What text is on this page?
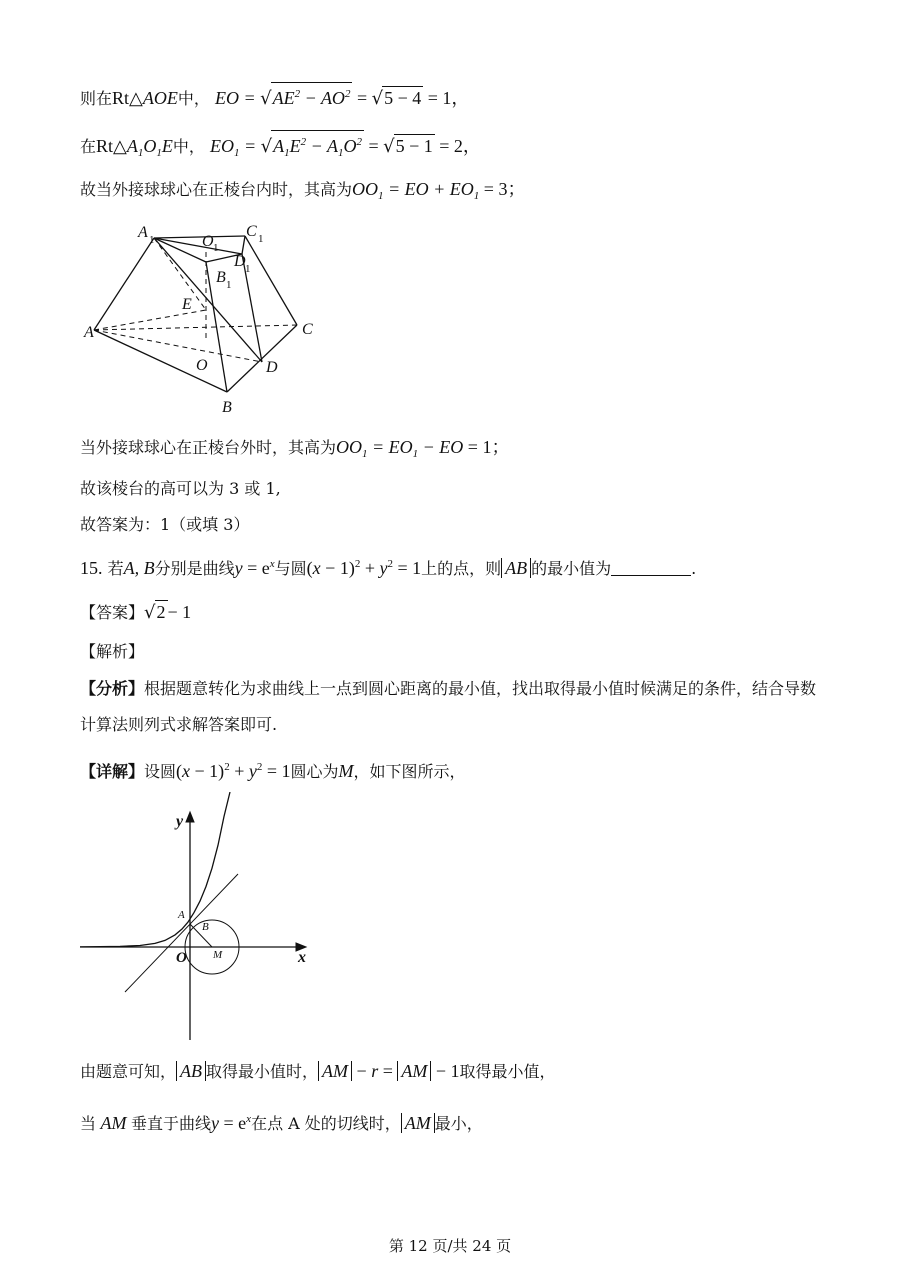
则在Rt△AOE中， EO = $√AE^2 - AO^2 = √5 - 4 = 1$，
在$Rt\triangle A_1O_1E$中， $EO_1 = √A_1E^2 - A_1O^2 = √5 - 1 = 2$，
故当外接球球心在正棱台内时，其高为$OO_1$ = EO + $EO_1 = 3$；
A 1	O 1
C 1
D 1
B 1
E
A	C
O	D
B
当外接球球心在正棱台外时，其高为$OO_1 = EO_1$ − EO = 1；
故该棱台的高可以为 3 或 1,
故答案为：1（或填 3）
15. 若A, B分别是曲线$y = e^x$与圆$(x - 1)^2 + y^2 = 1$上的点，则 AB 的最小值为	.
【答案】√2 − 1
【解析】
【分析】根据题意转化为求曲线上一点到圆心距离的最小值，找出取得最小值时候满足的条件，结合导数
计算法则列式求解答案即可.
【详解】设圆$(x - 1)^2 + y^2 = 1$圆心为M，如下图所示，
y
A
B
O M	x
由题意可知， AB 取得最小值时， AM − r = AM − 1取得最小值，
当 AM 垂直于曲线$y = e^x$在点 A 处的切线时， AM 最小，
第 12 页/共 24 页
